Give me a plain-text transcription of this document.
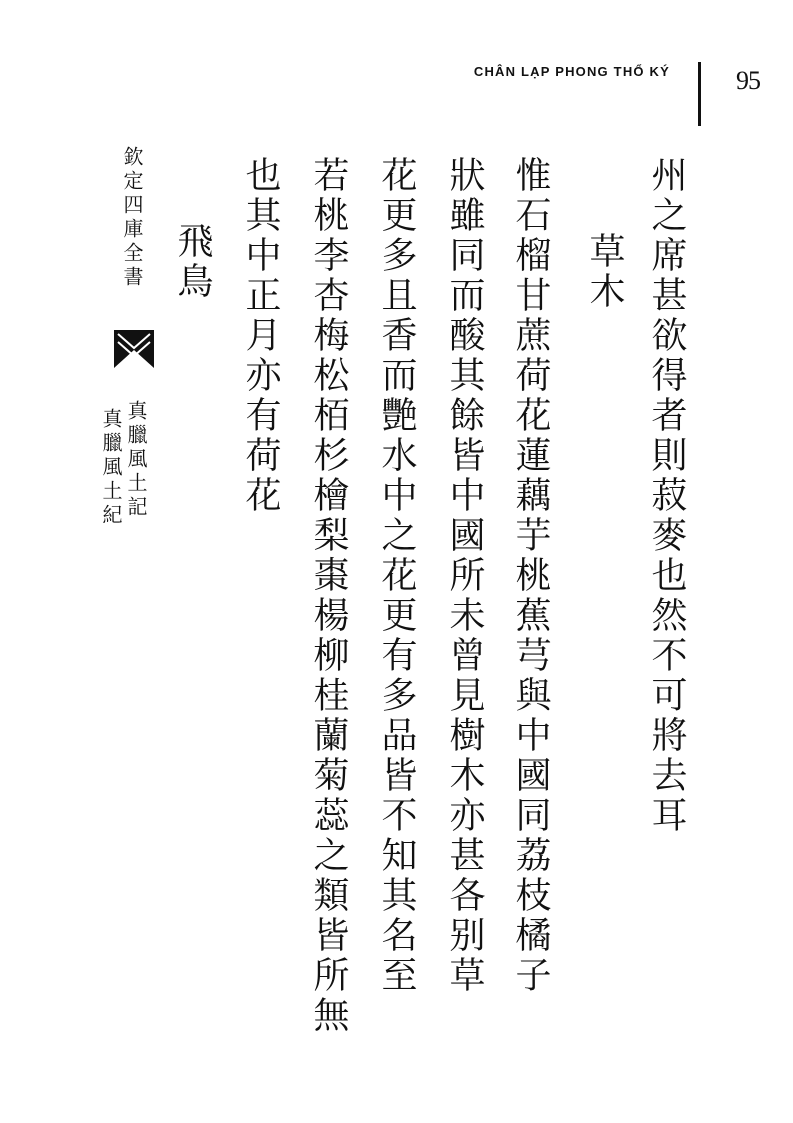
CHÂN LẠP PHONG THỔ KÝ	95
州之席甚欲得者則菽麥也然不可將去耳
草木
惟石榴甘蔗荷花蓮藕芋桃蕉芎與中國同荔枝橘子
狀雖同而酸其餘皆中國所未曾見樹木亦甚各别草
花更多且香而艷水中之花更有多品皆不知其名至
若桃李杏梅松栢杉檜梨棗楊柳桂蘭菊蕊之類皆所無
也其中正月亦有荷花
飛鳥
欽定四庫全書
真臘風土記
真臘風土紀
